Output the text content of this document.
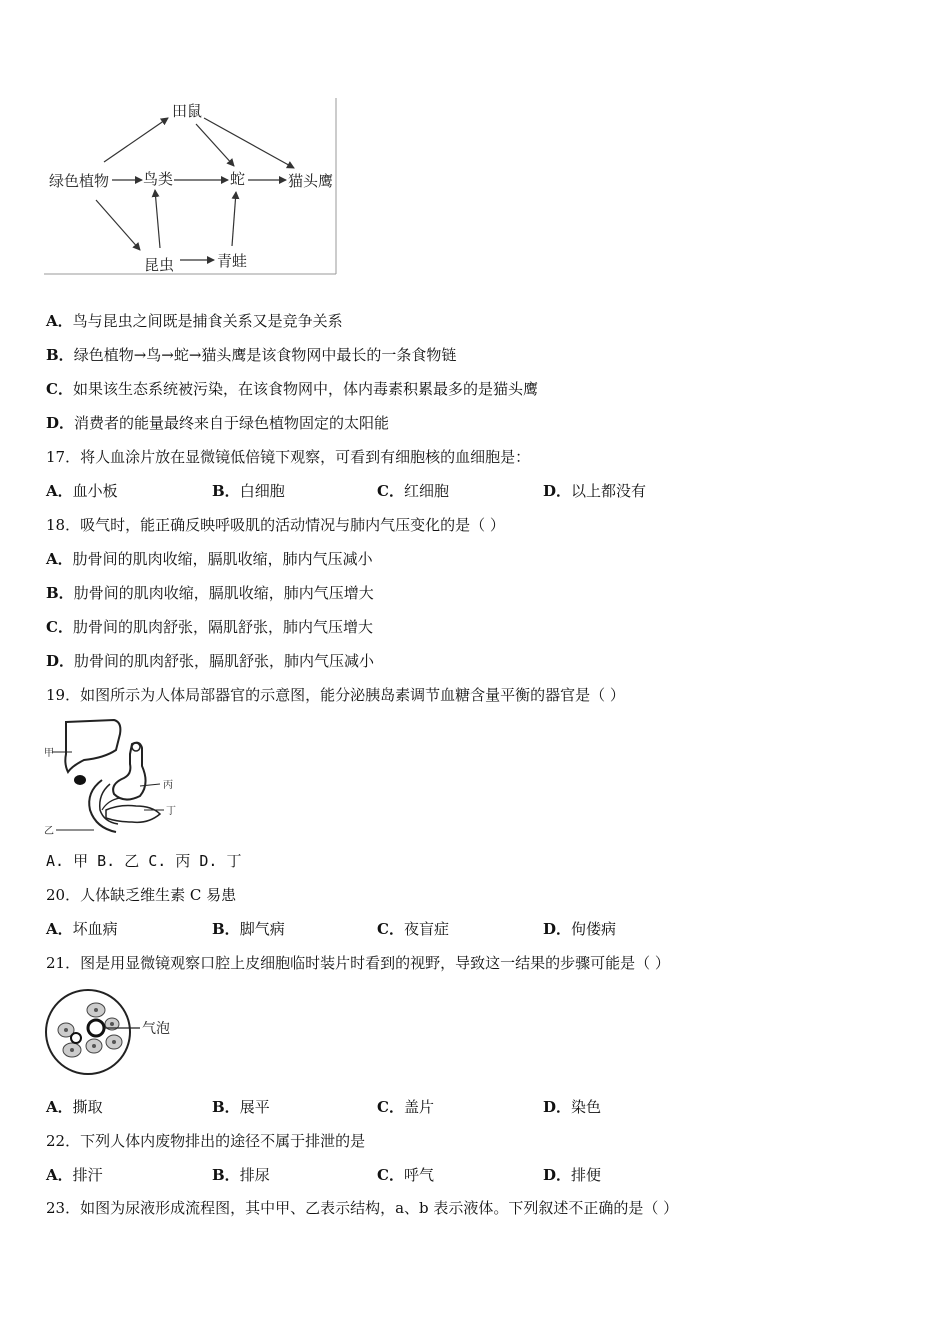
田鼠
绿色植物 鸟类	蛇	猫头鹰
昆虫	青蛙
A．鸟与昆虫之间既是捕食关系又是竞争关系
B．绿色植物→鸟→蛇→猫头鹰是该食物网中最长的一条食物链
C．如果该生态系统被污染，在该食物网中，体内毒素积累最多的是猫头鹰
D．消费者的能量最终来自于绿色植物固定的太阳能
17．将人血涂片放在显微镜低倍镜下观察，可看到有细胞核的血细胞是：
A．血小板	B．白细胞	C．红细胞	D．以上都没有
18．吸气时，能正确反映呼吸肌的活动情况与肺内气压变化的是（ ）
A．肋骨间的肌肉收缩，膈肌收缩，肺内气压减小
B．肋骨间的肌肉收缩，膈肌收缩，肺内气压增大
C．肋骨间的肌肉舒张，隔肌舒张，肺内气压增大
D．肋骨间的肌肉舒张，膈肌舒张，肺内气压减小
19．如图所示为人体局部器官的示意图，能分泌胰岛素调节血糖含量平衡的器官是（ ）
甲
丙
丁
乙
A. 甲 B. 乙 C. 丙 D. 丁
20．人体缺乏维生素 C 易患
A．坏血病	B．脚气病	C．夜盲症	D．佝偻病
21．图是用显微镜观察口腔上皮细胞临时装片时看到的视野，导致这一结果的步骤可能是（ ）
气泡
A．撕取	B．展平	C．盖片	D．染色
22．下列人体内废物排出的途径不属于排泄的是
A．排汗	B．排尿	C．呼气	D．排便
23．如图为尿液形成流程图，其中甲、乙表示结构，a、b 表示液体。下列叙述不正确的是（ ）
